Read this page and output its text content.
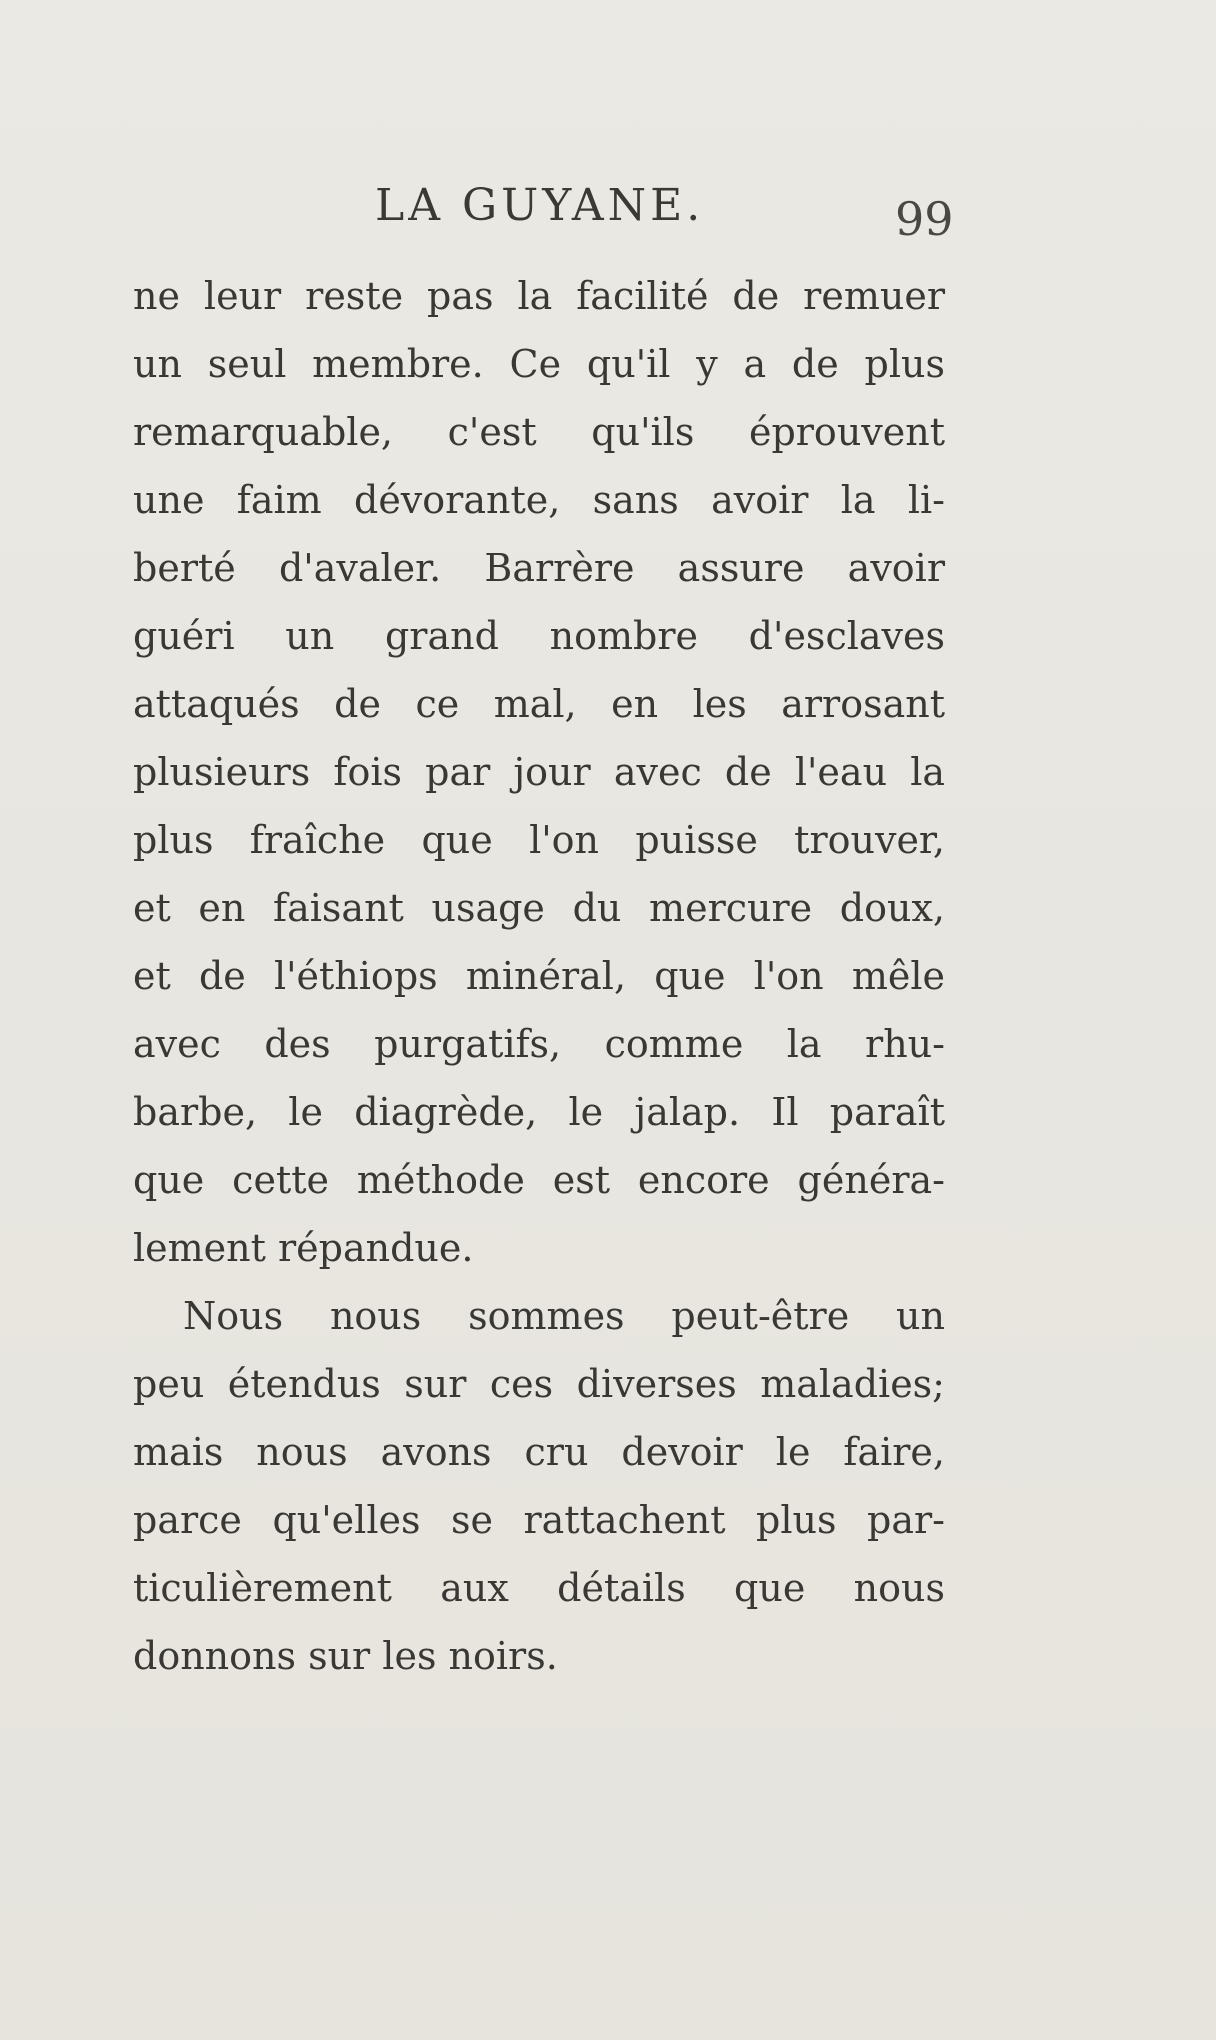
LA GUYANE.	99
ne leur reste pas la facilité de remuer
un seul membre. Ce qu'il y a de plus
remarquable, c'est qu'ils éprouvent
une faim dévorante, sans avoir la li-
berté d'avaler. Barrère assure avoir
guéri un grand nombre d'esclaves
attaqués de ce mal, en les arrosant
plusieurs fois par jour avec de l'eau la
plus fraîche que l'on puisse trouver,
et en faisant usage du mercure doux,
et de l'éthiops minéral, que l'on mêle
avec des purgatifs, comme la rhu-
barbe, le diagrède, le jalap. Il paraît
que cette méthode est encore généra-
lement répandue.
Nous nous sommes peut-être un
peu étendus sur ces diverses maladies;
mais nous avons cru devoir le faire,
parce qu'elles se rattachent plus par-
ticulièrement aux détails que nous
donnons sur les noirs.
